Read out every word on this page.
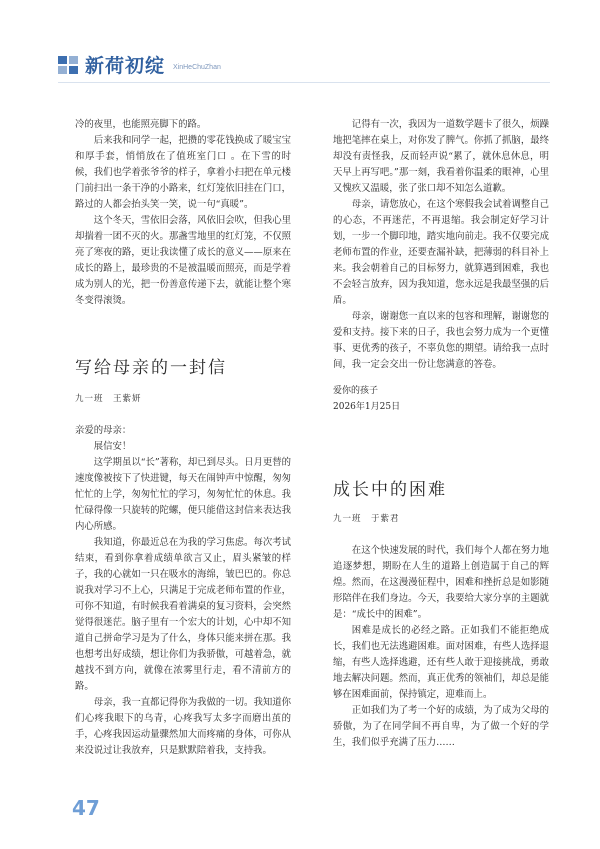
新荷初绽 XinHeChuZhan

冷的夜里，也能照亮脚下的路。

后来我和同学一起，把攒的零花钱换成了暖宝宝和厚手套，悄悄放在了值班室门口 。在下雪的时候，我们也学着张爷爷的样子，拿着小扫把在单元楼门前扫出一条干净的小路来，红灯笼依旧挂在门口，路过的人都会抬头笑一笑，说一句“真暖”。

这个冬天，雪依旧会落，风依旧会吹，但我心里却揣着一团不灭的火。那盏雪地里的红灯笼，不仅照亮了寒夜的路，更让我读懂了成长的意义——原来在成长的路上，最珍贵的不是被温暖而照亮，而是学着成为别人的光，把一份善意传递下去，就能让整个寒冬变得滚烫。

写给母亲的一封信

九一班　王紫妍

亲爱的母亲：

展信安！

这学期虽以“长”著称，却已到尽头。日月更替的速度像被按下了快进键，每天在闹钟声中惊醒，匆匆忙忙的上学，匆匆忙忙的学习，匆匆忙忙的休息。我忙碌得像一只旋转的陀螺，便只能借这封信来表达我内心所感。

我知道，你最近总在为我的学习焦虑。每次考试结束，看到你拿着成绩单欲言又止，眉头紧皱的样子，我的心就如一只在吸水的海绵，皱巴巴的。你总说我对学习不上心，只满足于完成老师布置的作业，可你不知道，有时候我看着满桌的复习资料，会突然觉得很迷茫。脑子里有一个宏大的计划，心中却不知道自己拼命学习是为了什么，身体只能来拼在那。我也想考出好成绩，想让你们为我骄傲，可越着急，就越找不到方向，就像在浓雾里行走，看不清前方的路。

母亲，我一直都记得你为我做的一切。我知道你们心疼我眼下的乌青，心疼我写太多字而磨出茧的手，心疼我因运动量骤然加大而疼痛的身体，可你从来没说过让我放弃，只是默默陪着我，支持我。

记得有一次，我因为一道数学题卡了很久，烦躁地把笔摔在桌上，对你发了脾气。你抓了抓脑，最终却没有责怪我，反而轻声说“累了，就休息休息，明天早上再写吧。”那一刻，我看着你温柔的眼神，心里又愧疚又温暖，张了张口却不知怎么道歉。

母亲，请您放心，在这个寒假我会试着调整自己的心态，不再迷茫，不再退缩。我会制定好学习计划，一步一个脚印地，踏实地向前走。我不仅要完成老师布置的作业，还要查漏补缺，把薄弱的科目补上来。我会朝着自己的目标努力，就算遇到困难，我也不会轻言放弃，因为我知道，您永远是我最坚强的后盾。

母亲，谢谢您一直以来的包容和理解，谢谢您的爱和支持。接下来的日子，我也会努力成为一个更懂事、更优秀的孩子，不辜负您的期望。请给我一点时间，我一定会交出一份让您满意的答卷。

爱你的孩子

2026年1月25日

成长中的困难

九一班　于紫君

在这个快速发展的时代，我们每个人都在努力地追逐梦想，期盼在人生的道路上创造属于自己的辉煌。然而，在这漫漫征程中，困难和挫折总是如影随形陪伴在我们身边。今天，我要给大家分享的主题就是：“成长中的困难”。

困难是成长的必经之路。正如我们不能拒绝成长，我们也无法逃避困难。面对困难，有些人选择退缩，有些人选择逃避，还有些人敢于迎接挑战，勇敢地去解决问题。然而，真正优秀的领袖们，却总是能够在困难面前，保持镇定，迎难而上。

正如我们为了考一个好的成绩，为了成为父母的骄傲，为了在同学间不再自卑，为了做一个好的学生，我们似乎充满了压力……

47
